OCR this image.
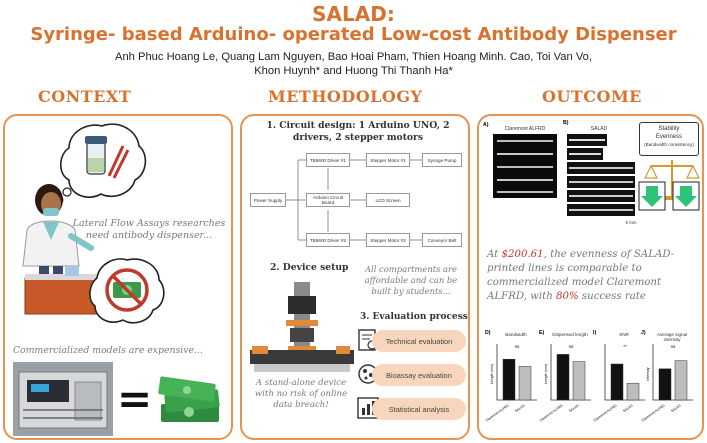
SALAD:
Syringe- based Arduino- operated Low-cost Antibody Dispenser
Anh Phuc Hoang Le, Quang Lam Nguyen, Bao Hoai Pham, Thien Hoang Minh. Cao, Toi Van Vo,
Khon Huynh* and Huong Thi Thanh Ha*
CONTEXT	METHODOLOGY	OUTCOME
Lateral Flow Assays researches need antibody dispenser...
Commercialized models are expensive...
=
1. Circuit design: 1 Arduino UNO, 2 drivers, 2 stepper motors
Power Supply
TB6600 Driver #1	Stepper Motor #1	Syringe Pump
Arduino Circuit Board	LCD Screen
TB6600 Driver #2	Stepper Motor #2	Conveyor Belt
2. Device setup	All compartments are affordable and can be built by students...
3. Evaluation process
Technical evaluation
Bioassay evaluation
Statistical analysis
A stand-alone device with no risk of online data breach!
A)
Claremont ALFRD
B)
SALAD
5 mm
Stability
Evenness
(Bandwidth consistency)
At $200.61, the evenness of SALAD-printed lines is comparable to commercialized model Claremont ALFRD, with 80% success rate
D)	Bandwidth
Claremont ALFRD SALAD
ns
Length (mm)
E)	Dispensed length
Claremont ALFRD SALAD
ns
Length (mm)
I)	SNR
Claremont ALFRD SALAD
**
J)	Average signal intensity
Claremont ALFRD SALAD
ns
Intensity
